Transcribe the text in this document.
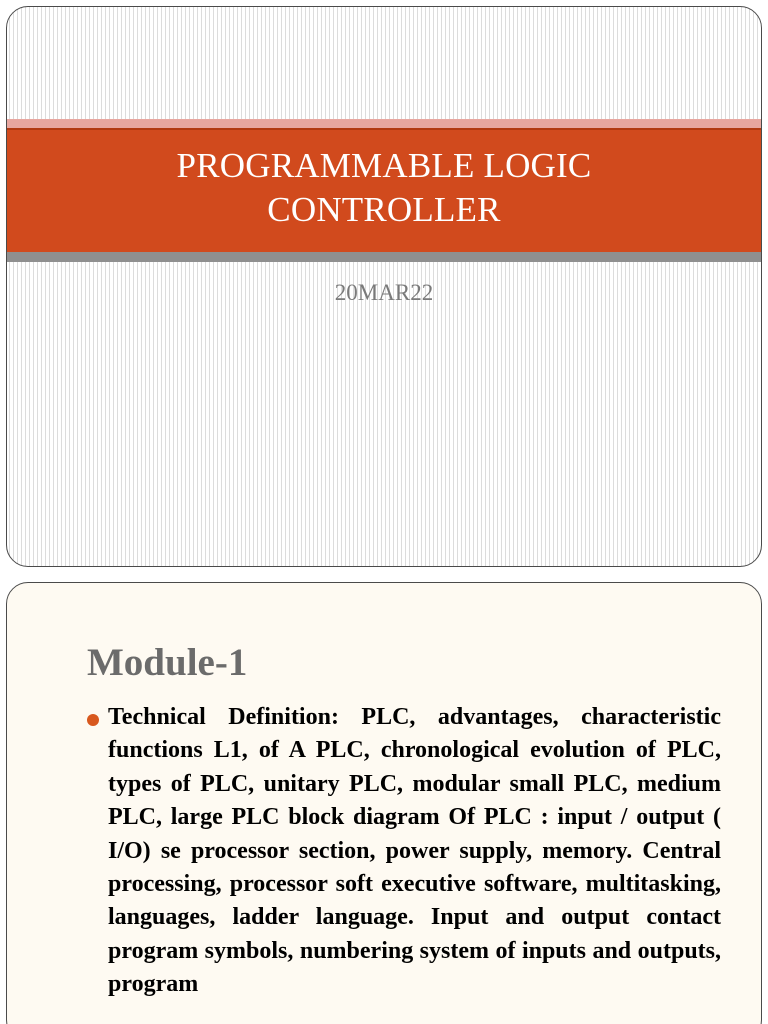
PROGRAMMABLE LOGIC
CONTROLLER
20MAR22
Module-1

Technical Definition: PLC, advantages, characteristic functions L1, of A PLC, chronological evolution of PLC, types of PLC, unitary PLC, modular small PLC, medium PLC, large PLC block diagram Of PLC : input / output ( I/O) se processor section, power supply, memory. Central processing, processor soft executive software, multitasking, languages, ladder language. Input and output contact program symbols, numbering system of inputs and outputs, program
